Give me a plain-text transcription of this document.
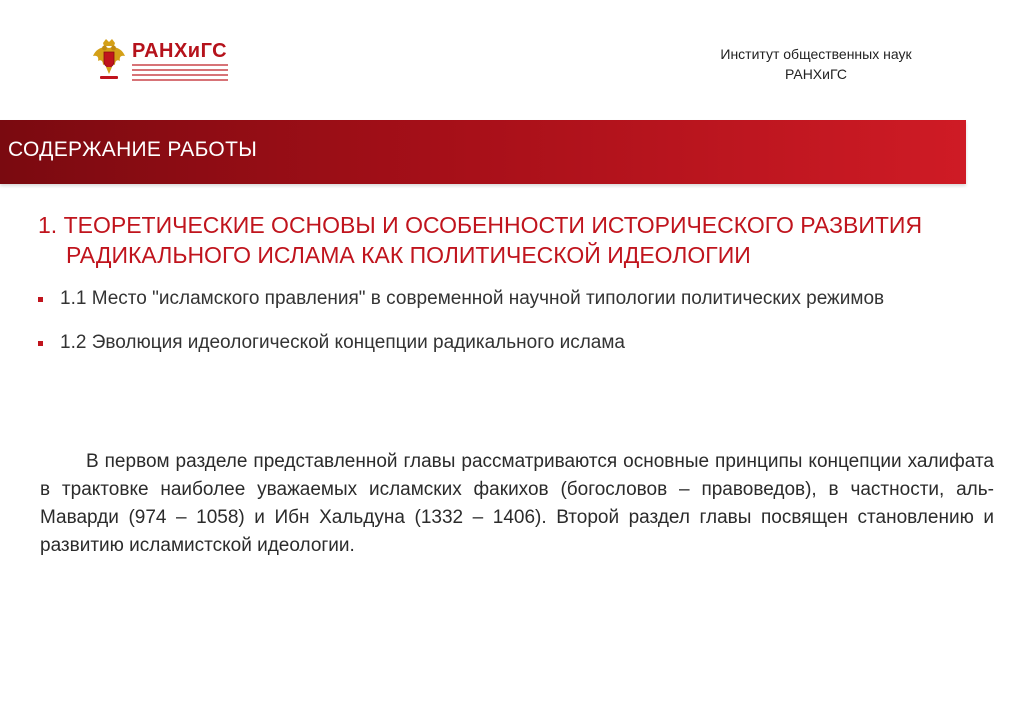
РАНХиГС	Институт общественных наук
РАНХиГС
СОДЕРЖАНИЕ РАБОТЫ
1. ТЕОРЕТИЧЕСКИЕ ОСНОВЫ И ОСОБЕННОСТИ ИСТОРИЧЕСКОГО РАЗВИТИЯ РАДИКАЛЬНОГО ИСЛАМА КАК ПОЛИТИЧЕСКОЙ ИДЕОЛОГИИ
1.1 Место "исламского правления" в современной научной типологии политических режимов
1.2 Эволюция идеологической концепции радикального ислама

В первом разделе представленной главы рассматриваются основные принципы концепции халифата в трактовке наиболее уважаемых исламских факихов (богословов – правоведов), в частности, аль-Маварди (974 – 1058) и Ибн Хальдуна (1332 – 1406). Второй раздел главы посвящен становлению и развитию исламистской идеологии.
